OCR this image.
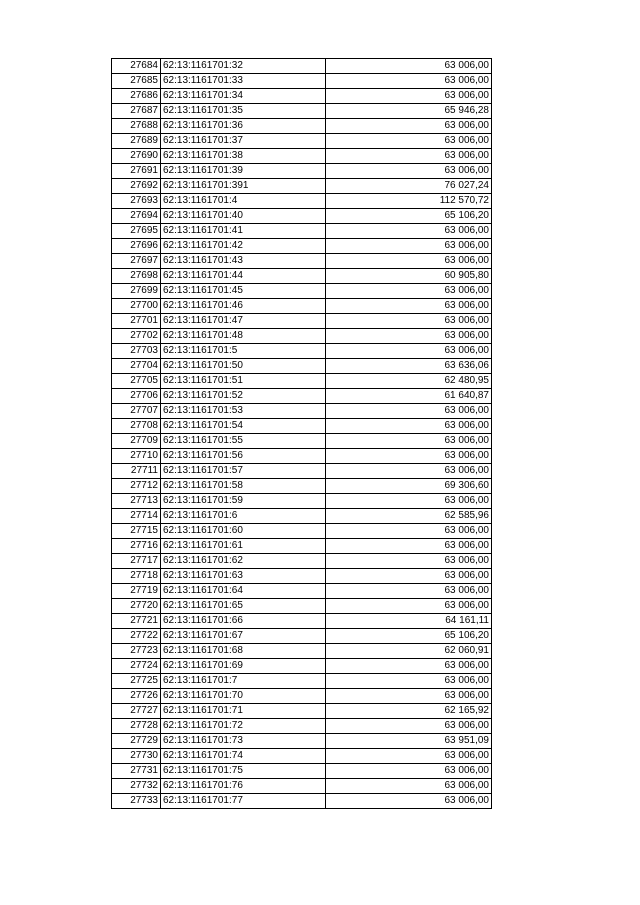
27684	62:13:1161701:32	63 006,00
27685	62:13:1161701:33	63 006,00
27686	62:13:1161701:34	63 006,00
27687	62:13:1161701:35	65 946,28
27688	62:13:1161701:36	63 006,00
27689	62:13:1161701:37	63 006,00
27690	62:13:1161701:38	63 006,00
27691	62:13:1161701:39	63 006,00
27692	62:13:1161701:391	76 027,24
27693	62:13:1161701:4	112 570,72
27694	62:13:1161701:40	65 106,20
27695	62:13:1161701:41	63 006,00
27696	62:13:1161701:42	63 006,00
27697	62:13:1161701:43	63 006,00
27698	62:13:1161701:44	60 905,80
27699	62:13:1161701:45	63 006,00
27700	62:13:1161701:46	63 006,00
27701	62:13:1161701:47	63 006,00
27702	62:13:1161701:48	63 006,00
27703	62:13:1161701:5	63 006,00
27704	62:13:1161701:50	63 636,06
27705	62:13:1161701:51	62 480,95
27706	62:13:1161701:52	61 640,87
27707	62:13:1161701:53	63 006,00
27708	62:13:1161701:54	63 006,00
27709	62:13:1161701:55	63 006,00
27710	62:13:1161701:56	63 006,00
27711	62:13:1161701:57	63 006,00
27712	62:13:1161701:58	69 306,60
27713	62:13:1161701:59	63 006,00
27714	62:13:1161701:6	62 585,96
27715	62:13:1161701:60	63 006,00
27716	62:13:1161701:61	63 006,00
27717	62:13:1161701:62	63 006,00
27718	62:13:1161701:63	63 006,00
27719	62:13:1161701:64	63 006,00
27720	62:13:1161701:65	63 006,00
27721	62:13:1161701:66	64 161,11
27722	62:13:1161701:67	65 106,20
27723	62:13:1161701:68	62 060,91
27724	62:13:1161701:69	63 006,00
27725	62:13:1161701:7	63 006,00
27726	62:13:1161701:70	63 006,00
27727	62:13:1161701:71	62 165,92
27728	62:13:1161701:72	63 006,00
27729	62:13:1161701:73	63 951,09
27730	62:13:1161701:74	63 006,00
27731	62:13:1161701:75	63 006,00
27732	62:13:1161701:76	63 006,00
27733	62:13:1161701:77	63 006,00
